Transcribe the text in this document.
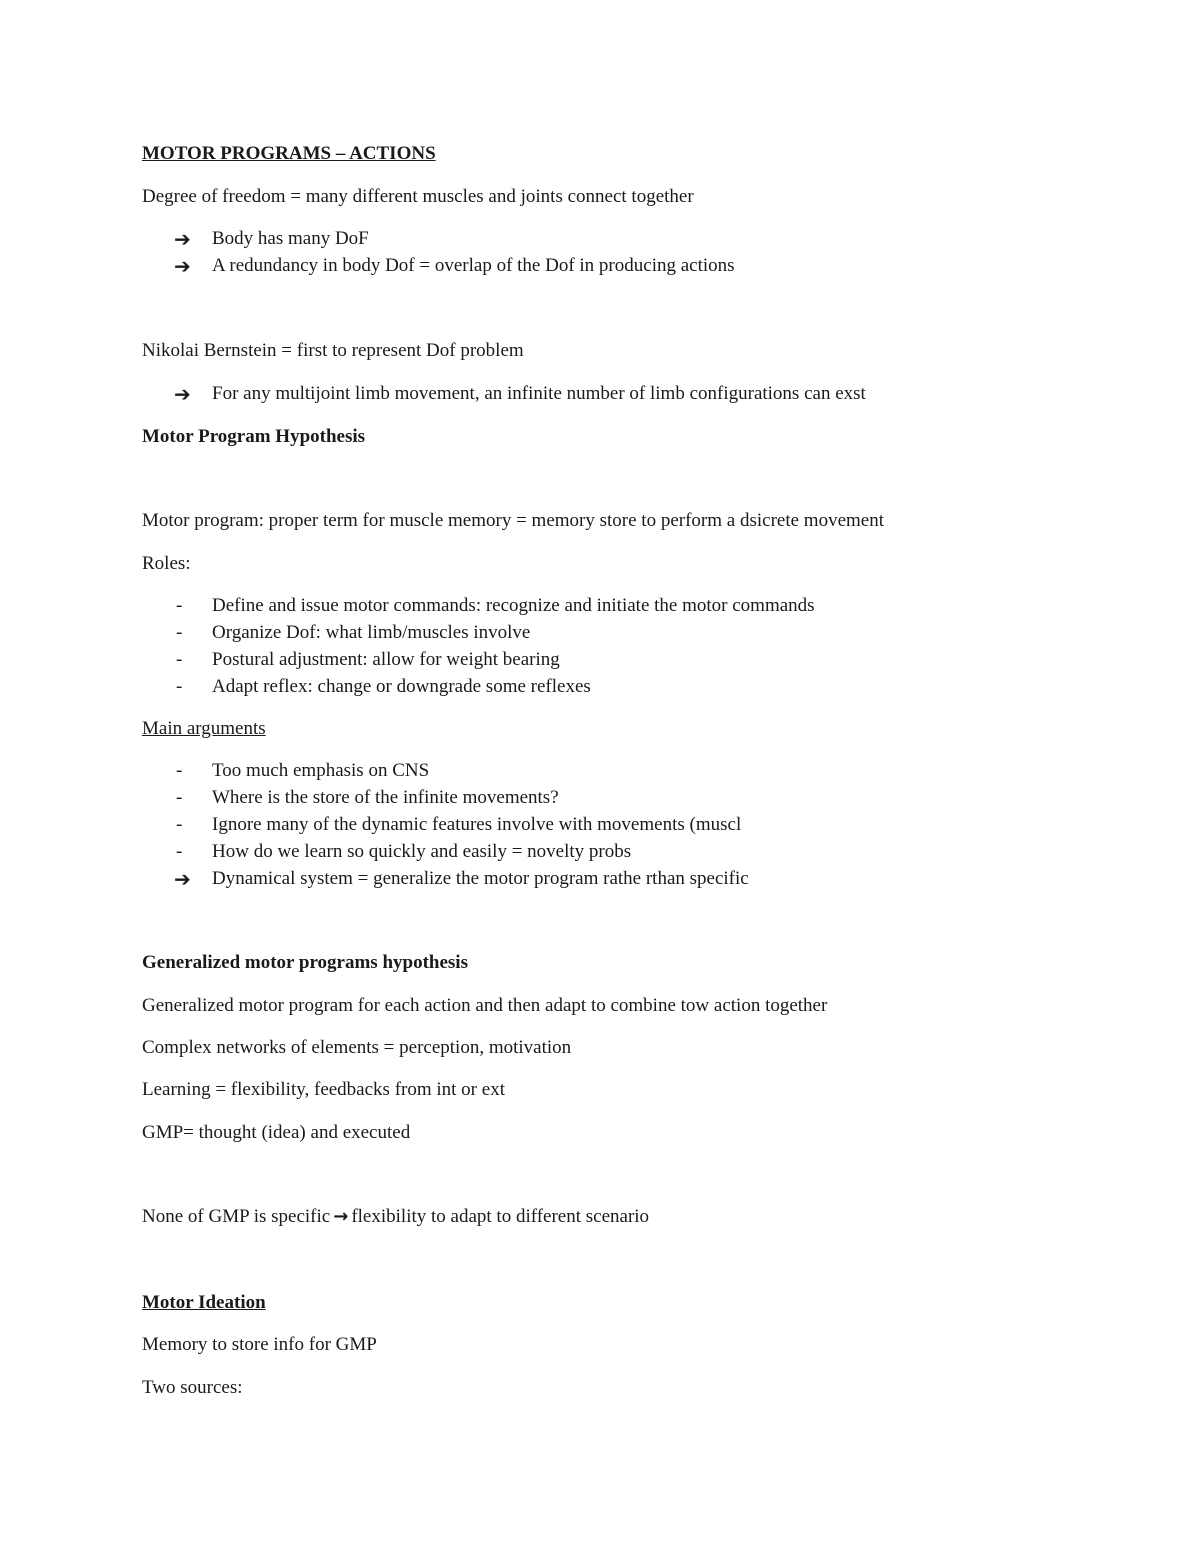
MOTOR PROGRAMS – ACTIONS
Degree of freedom = many different muscles and joints connect together
➔	Body has many DoF
➔	A redundancy in body Dof = overlap of the Dof in producing actions
Nikolai Bernstein = first to represent Dof problem
➔	For any multijoint limb movement, an infinite number of limb configurations can exst
Motor Program Hypothesis
Motor program: proper term for muscle memory = memory store to perform a dsicrete movement
Roles:
-	Define and issue motor commands: recognize and initiate the motor commands
-	Organize Dof: what limb/muscles involve
-	Postural adjustment: allow for weight bearing
-	Adapt reflex: change or downgrade some reflexes
Main arguments
-	Too much emphasis on CNS
-	Where is the store of the infinite movements?
-	Ignore many of the dynamic features involve with movements (muscl
-	How do we learn so quickly and easily = novelty probs
➔	Dynamical system = generalize the motor program rathe rthan specific
Generalized motor programs hypothesis
Generalized motor program for each action and then adapt to combine tow action together
Complex networks of elements = perception, motivation
Learning = flexibility, feedbacks from int or ext
GMP= thought (idea) and executed
None of GMP is specific → flexibility to adapt to different scenario
Motor Ideation
Memory to store info for GMP
Two sources:
